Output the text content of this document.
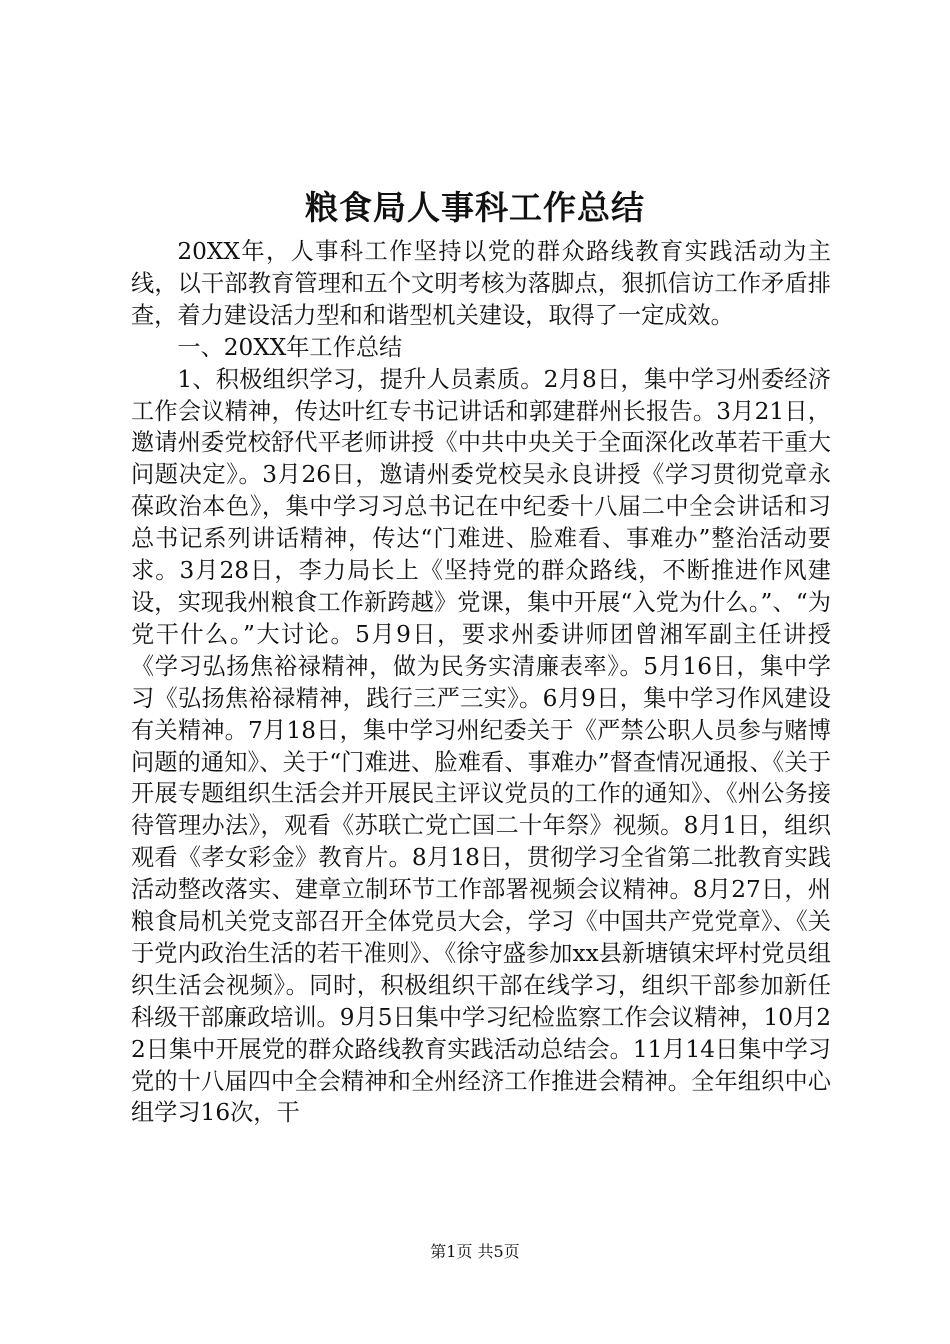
粮食局人事科工作总结

20XX年，人事科工作坚持以党的群众路线教育实践活动为主线，以干部教育管理和五个文明考核为落脚点，狠抓信访工作矛盾排查，着力建设活力型和和谐型机关建设，取得了一定成效。

一、20XX年工作总结

1、积极组织学习，提升人员素质。2月8日，集中学习州委经济工作会议精神，传达叶红专书记讲话和郭建群州长报告。3月21日，邀请州委党校舒代平老师讲授《中共中央关于全面深化改革若干重大问题决定》。3月26日，邀请州委党校吴永良讲授《学习贯彻党章永葆政治本色》，集中学习习总书记在中纪委十八届二中全会讲话和习总书记系列讲话精神，传达“门难进、脸难看、事难办”整治活动要求。3月28日，李力局长上《坚持党的群众路线，不断推进作风建设，实现我州粮食工作新跨越》党课，集中开展“入党为什么。”、“为党干什么。”大讨论。5月9日，要求州委讲师团曾湘军副主任讲授《学习弘扬焦裕禄精神，做为民务实清廉表率》。5月16日，集中学习《弘扬焦裕禄精神，践行三严三实》。6月9日，集中学习作风建设有关精神。7月18日，集中学习州纪委关于《严禁公职人员参与赌博问题的通知》、关于“门难进、脸难看、事难办”督查情况通报、《关于开展专题组织生活会并开展民主评议党员的工作的通知》、《州公务接待管理办法》，观看《苏联亡党亡国二十年祭》视频。8月1日，组织观看《孝女彩金》教育片。8月18日，贯彻学习全省第二批教育实践活动整改落实、建章立制环节工作部署视频会议精神。8月27日，州粮食局机关党支部召开全体党员大会，学习《中国共产党党章》、《关于党内政治生活的若干准则》、《徐守盛参加xx县新塘镇宋坪村党员组织生活会视频》。同时，积极组织干部在线学习，组织干部参加新任科级干部廉政培训。9月5日集中学习纪检监察工作会议精神，10月22日集中开展党的群众路线教育实践活动总结会。11月14日集中学习党的十八届四中全会精神和全州经济工作推进会精神。全年组织中心组学习16次，干

第1页 共5页
